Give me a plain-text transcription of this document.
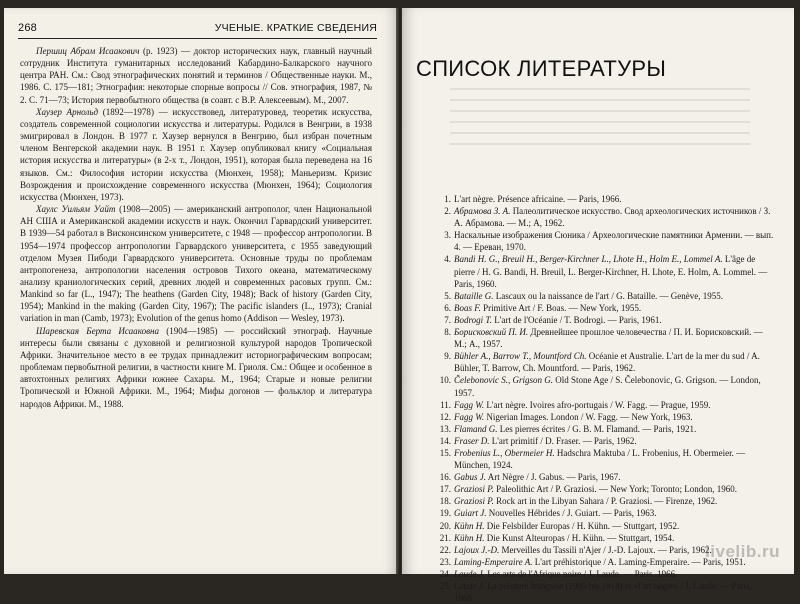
268	УЧЕНЫЕ. КРАТКИЕ СВЕДЕНИЯ

Першиц Абрам Исаакович (р. 1923) — доктор исторических наук, главный научный сотрудник Института гуманитарных исследований Кабардино-Балкарского научного центра РАН. См.: Свод этнографических понятий и терминов / Общественные науки. М., 1986. С. 175—181; Этнография: некоторые спорные вопросы // Сов. этнография, 1987, № 2. С. 71—73; История первобытного общества (в соавт. с В.Р. Алексеевым). М., 2007.

Хаузер Арнольд (1892—1978) — искусствовед, литературовед, теоретик искусства, создатель современной социологии искусства и литературы. Родился в Венгрии, в 1938 эмигрировал в Лондон. В 1977 г. Хаузер вернулся в Венгрию, был избран почетным членом Венгерской академии наук. В 1951 г. Хаузер опубликовал книгу «Социальная история искусства и литературы» (в 2-х т., Лондон, 1951), которая была переведена на 16 языков. См.: Философия истории искусства (Мюнхен, 1958); Маньеризм. Кризис Возрождения и происхождение современного искусства (Мюнхен, 1964); Социология искусства (Мюнхен, 1973).

Хаулс Уильям Уайт (1908—2005) — американский антрополог, член Национальной АН США и Американской академии искусств и наук. Окончил Гарвардский университет. В 1939—54 работал в Висконсинском университете, с 1948 — профессор антропологии. В 1954—1974 профессор антропологии Гарвардского университета, с 1955 заведующий отделом Музея Пибоди Гарвардского университета. Основные труды по проблемам антропогенеза, антропологии населения островов Тихого океана, математическому анализу краниологических серий, древних людей и современных расовых групп. См.: Mankind so far (L., 1947); The heathens (Garden City, 1948); Back of history (Garden City, 1954); Mankind in the making (Garden City, 1967); The pacific islanders (L., 1973); Cranial variation in man (Camb, 1973); Evolution of the genus homo (Addison — Wesley, 1973).

Шаревская Берта Исааковна (1904—1985) — российский этнограф. Научные интересы были связаны с духовной и религиозной культурой народов Тропической Африки. Значительное место в ее трудах принадлежит историографическим вопросам; проблемам первобытной религии, в частности книге М. Гриоля. См.: Общее и особенное в автохтонных религиях Африки южнее Сахары. М., 1964; Старые и новые религии Тропической и Южной Африки. М., 1964; Мифы догонов — фольклор и литература народов Африки. М., 1988.

СПИСОК ЛИТЕРАТУРЫ
1. L'art nègre. Présence africaine. — Paris, 1966.
2. Абрамова З. А. Палеолитическое искусство. Свод археологических источников / З. А. Абрамова. — М.; А, 1962.
3. Наскальные изображения Сюника / Археологические памятники Армении. — вып. 4. — Ереван, 1970.
4. Bandi H. G., Breuil H., Berger-Kirchner L., Lhote H., Holm E., Lommel A. L'âge de pierre / H. G. Bandi, H. Breuil, L. Berger-Kirchner, H. Lhote, E. Holm, A. Lommel. — Paris, 1960.
5. Bataille G. Lascaux ou la naissance de l'art / G. Bataille. — Genève, 1955.
6. Boas F. Primitive Art / F. Boas. — New York, 1955.
7. Bodrogi T. L'art de l'Océanie / T. Bodrogi. — Paris, 1961.
8. Борисковский П. И. Древнейшее прошлое человечества / П. И. Борисковский. — М.; А., 1957.
9. Bühler A., Barrow T., Mountford Ch. Océanie et Australie. L'art de la mer du sud / A. Bühler, T. Barrow, Ch. Mountford. — Paris, 1962.
10. Čelebonovic S., Grigson G. Old Stone Age / S. Čelebonovic, G. Grigson. — London, 1957.
11. Fagg W. L'art nègre. Ivoires afro-portugais / W. Fagg. — Prague, 1959.
12. Fagg W. Nigerian Images. London / W. Fagg. — New York, 1963.
13. Flamand G. Les pierres écrites / G. B. M. Flamand. — Paris, 1921.
14. Fraser D. L'art primitif / D. Fraser. — Paris, 1962.
15. Frobenius L., Obermeier H. Hadschra Maktuba / L. Frobenius, H. Obermeier. — München, 1924.
16. Gabus J. Art Nègre / J. Gabus. — Paris, 1967.
17. Graziosi P. Paleolithic Art / P. Graziosi. — New York; Toronto; London, 1960.
18. Graziosi P. Rock art in the Libyan Sahara / P. Graziosi. — Firenze, 1962.
19. Guiart J. Nouvelles Hébrides / J. Guiart. — Paris, 1963.
20. Kühn H. Die Felsbilder Europas / H. Kühn. — Stuttgart, 1952.
21. Kühn H. Die Kunst Alteuropas / H. Kühn. — Stuttgart, 1954.
22. Lajoux J.-D. Merveilles du Tassili n'Ajer / J.-D. Lajoux. — Paris, 1962.
23. Laming-Emperaire A. L'art préhistorique / A. Laming-Emperaire. — Paris, 1951.
24. Laude J. Les arts de l'Afrique noire / J. Laude. — Paris, 1966.
25. Laude J. La peinture française (1905 bis 1914) et «l'art nègre» / J. Laude. — Paris, 1968.
livelib.ru
